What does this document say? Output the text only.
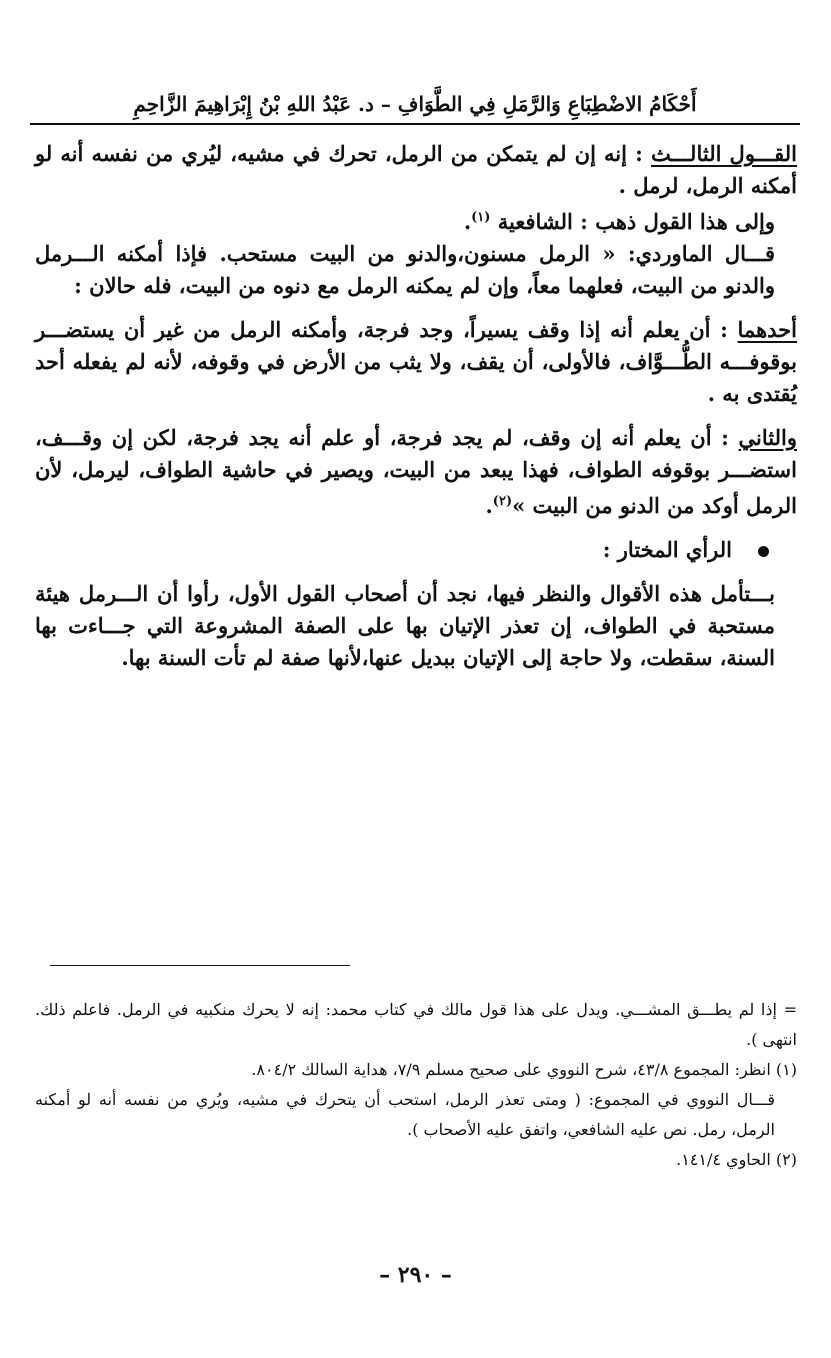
أَحْكَامُ الاضْطِبَاعِ وَالرَّمَلِ فِي الطَّوَافِ – د. عَبْدُ اللهِ بْنُ إِبْرَاهِيمَ الزَّاحِمِ

القـــول الثالـــث : إنه إن لم يتمكن من الرمل، تحرك في مشيه، ليُري من نفسه أنه لو أمكنه الرمل، لرمل .

وإلى هذا القول ذهب : الشافعية $^{(١)}$.

قـــال الماوردي: « الرمل مسنون،والدنو من البيت مستحب. فإذا أمكنه الـــرمل والدنو من البيت، فعلهما معاً، وإن لم يمكنه الرمل مع دنوه من البيت، فله حالان :

أحدهما : أن يعلم أنه إذا وقف يسيراً، وجد فرجة، وأمكنه الرمل من غير أن يستضـــر بوقوفـــه الطُّـــوَّاف، فالأولى، أن يقف، ولا يثب من الأرض في وقوفه، لأنه لم يفعله أحد يُقتدى به .

والثاني : أن يعلم أنه إن وقف، لم يجد فرجة، أو علم أنه يجد فرجة، لكن إن وقـــف، استضـــر بوقوفه الطواف، فهذا يبعد من البيت، ويصير في حاشية الطواف، ليرمل، لأن الرمل أوكد من الدنو من البيت »$^{(٢)}$.

الرأي المختار :

بـــتأمل هذه الأقوال والنظر فيها، نجد أن أصحاب القول الأول، رأوا أن الـــرمل هيئة مستحبة في الطواف، إن تعذر الإتيان بها على الصفة المشروعة التي جـــاءت بها السنة، سقطت، ولا حاجة إلى الإتيان ببديل عنها،لأنها صفة لم تأت السنة بها.

= إذا لم يطـــق المشـــي. ويدل على هذا قول مالك في كتاب محمد: إنه لا يحرك منكبيه في الرمل. فاعلم ذلك. انتهى ).

(١) انظر: المجموع ٤٣/٨، شرح النووي على صحيح مسلم ٧/٩، هداية السالك ٨٠٤/٢.

قـــال النووي في المجموع: ( ومتى تعذر الرمل، استحب أن يتحرك في مشيه، ويُري من نفسه أنه لو أمكنه الرمل، رمل. نص عليه الشافعي، واتفق عليه الأصحاب ).

(٢) الحاوي ١٤١/٤.

– ٢٩٠ –
